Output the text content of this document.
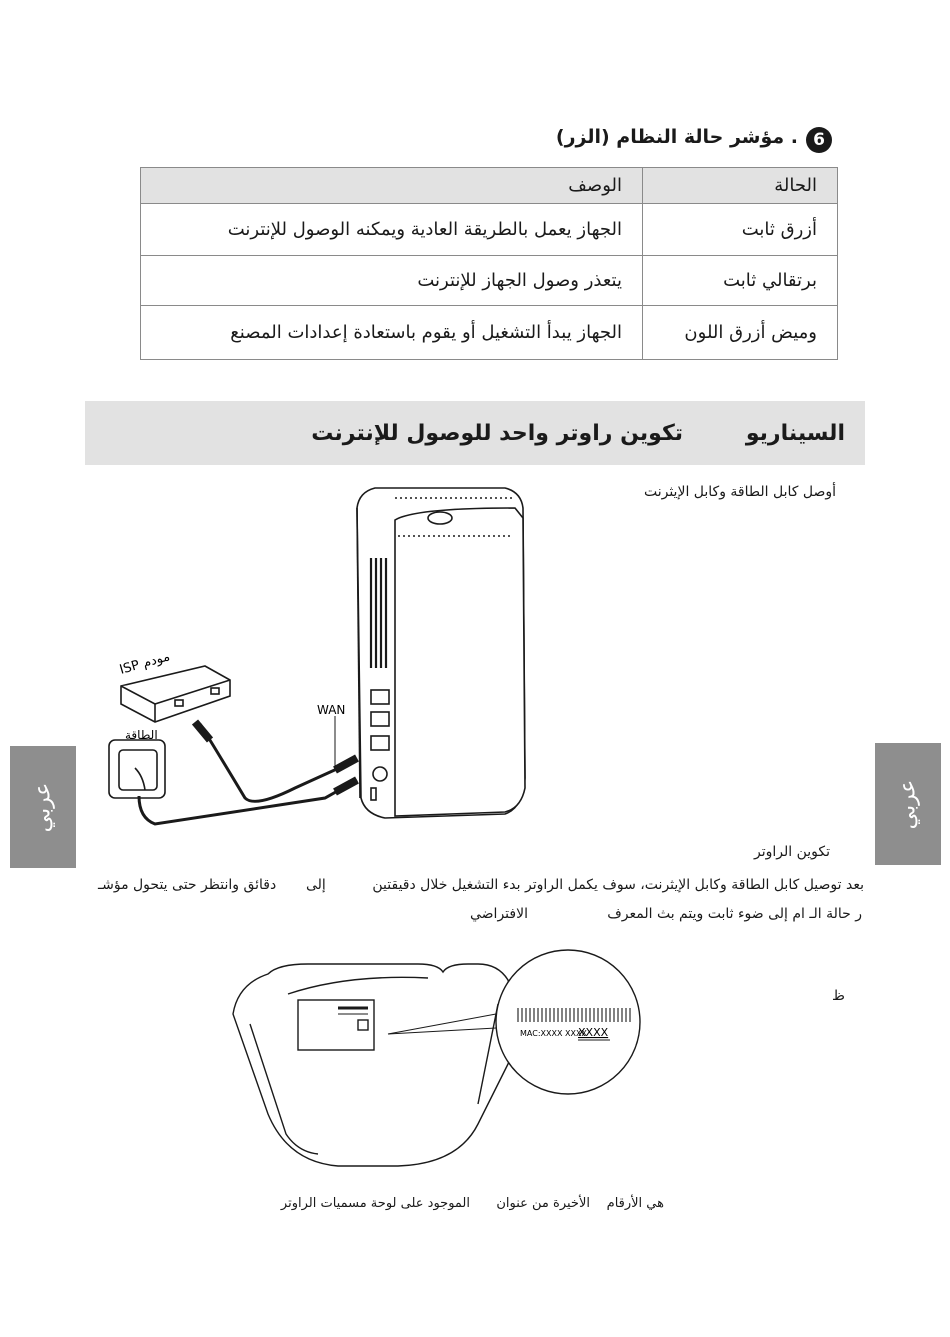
6
. مؤشر حالة النظام (الزر)
الحالة	الوصف
أزرق ثابت	الجهاز يعمل بالطريقة العادية ويمكنه الوصول للإنترنت
برتقالي ثابت	يتعذر وصول الجهاز للإنترنت
وميض أزرق اللون	الجهاز يبدأ التشغيل أو يقوم باستعادة إعدادات المصنع
السيناريو
تكوين راوتر واحد للوصول للإنترنت
أوصل كابل الطاقة وكابل الإيثرنت
ISP مودم
الطاقة
WAN
تكوين الراوتر
بعد توصيل كابل الطاقة وكابل الإيثرنت، سوف يكمل الراوتر بدء التشغيل خلال دقيقتين
إلى
دقائق وانتظر حتى يتحول مؤشـ
ر حالة الـ ام إلى ضوء ثابت ويتم بث المعرف
الافتراضي
MAC:XXXX XXXX
XXXX
ظ
هي الأرقام
الأخيرة من عنوان
الموجود على لوحة مسميات الراوتر
عربي	عربي
